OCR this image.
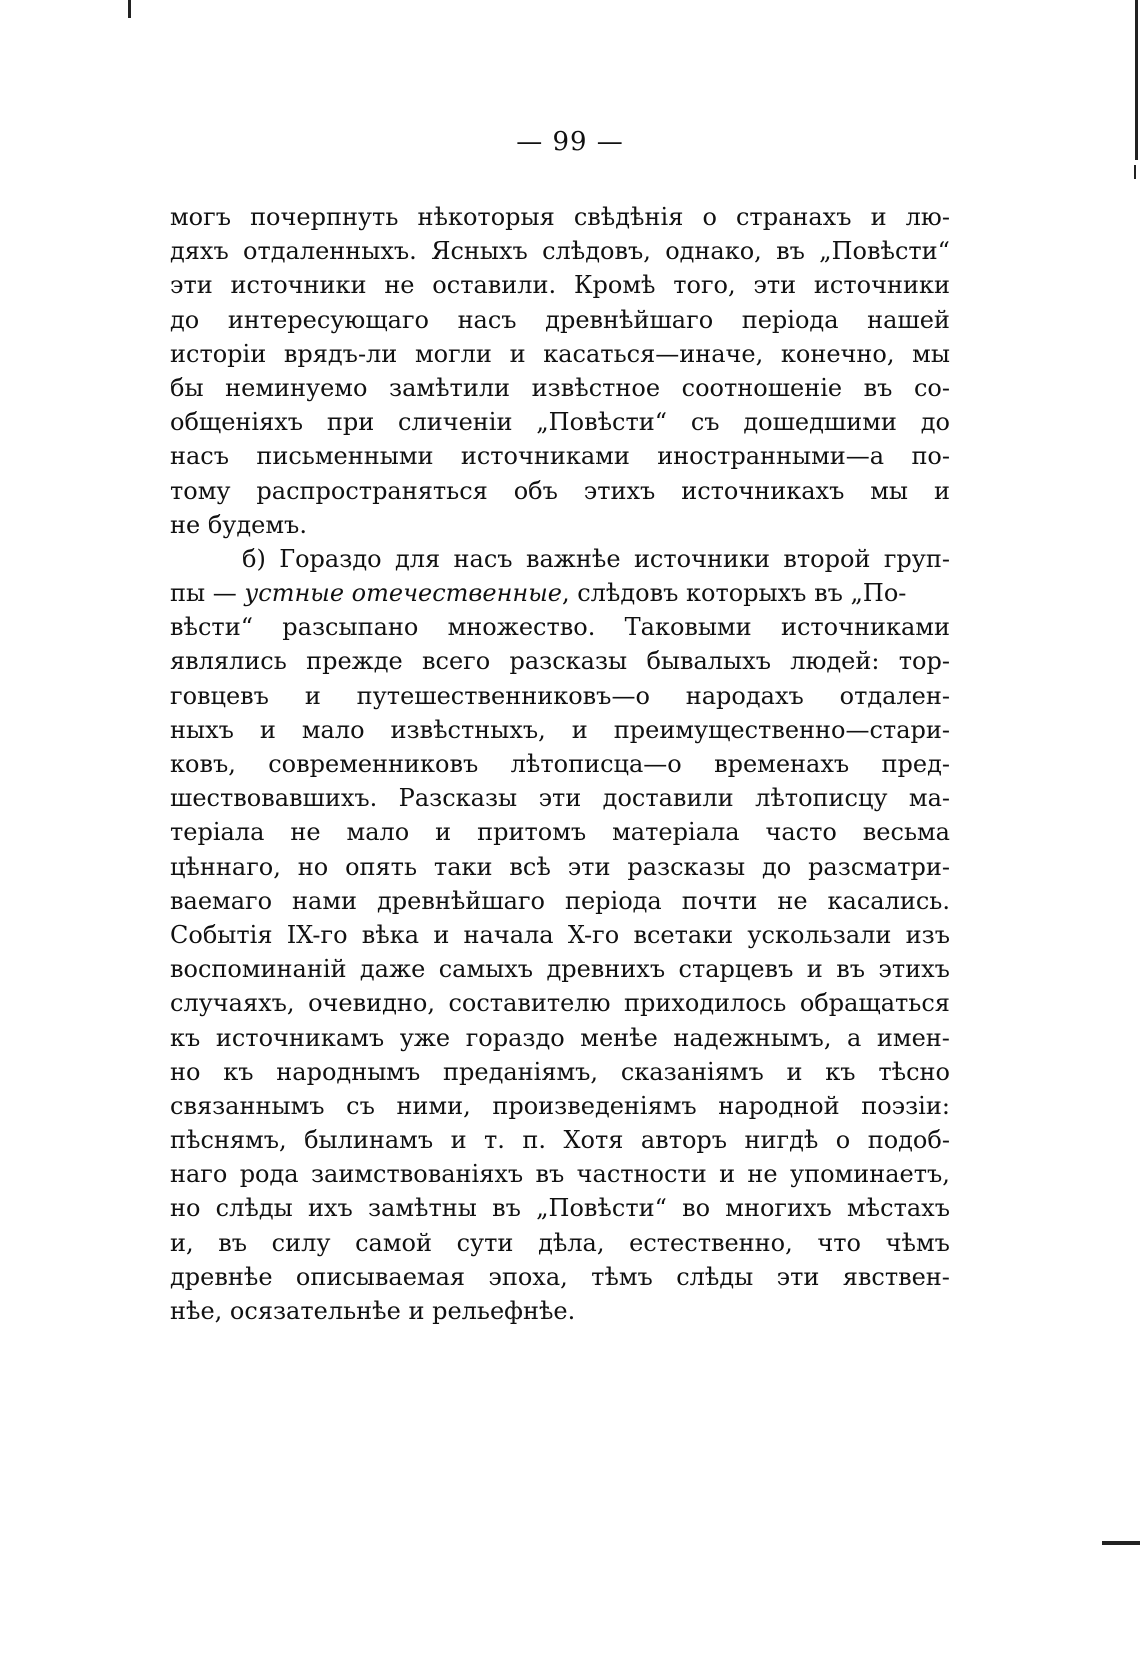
— 99 —
могъ почерпнуть нѣкоторыя свѣдѣнія о странахъ и лю-
дяхъ отдаленныхъ. Ясныхъ слѣдовъ, однако, въ „Повѣсти“
эти источники не оставили. Кромѣ того, эти источники
до интересующаго насъ древнѣйшаго періода нашей
исторіи врядъ-ли могли и касаться—иначе, конечно, мы
бы неминуемо замѣтили извѣстное соотношеніе въ со-
общеніяхъ при сличеніи „Повѣсти“ съ дошедшими до
насъ письменными источниками иностранными—а по-
тому распространяться объ этихъ источникахъ мы и
не будемъ.
б) Гораздо для насъ важнѣе источники второй груп-
пы — устные отечественные, слѣдовъ которыхъ въ „По-
вѣсти“ разсыпано множество. Таковыми источниками
являлись прежде всего разсказы бывалыхъ людей: тор-
говцевъ и путешественниковъ—о народахъ отдален-
ныхъ и мало извѣстныхъ, и преимущественно—стари-
ковъ, современниковъ лѣтописца—о временахъ пред-
шествовавшихъ. Разсказы эти доставили лѣтописцу ма-
теріала не мало и притомъ матеріала часто весьма
цѣннаго, но опять таки всѣ эти разсказы до разсматри-
ваемаго нами древнѣйшаго періода почти не касались.
Событія IX-го вѣка и начала X-го всетаки ускользали изъ
воспоминаній даже самыхъ древнихъ старцевъ и въ этихъ
случаяхъ, очевидно, составителю приходилось обращаться
къ источникамъ уже гораздо менѣе надежнымъ, а имен-
но къ народнымъ преданіямъ, сказаніямъ и къ тѣсно
связаннымъ съ ними, произведеніямъ народной поэзіи:
пѣснямъ, былинамъ и т. п. Хотя авторъ нигдѣ о подоб-
наго рода заимствованіяхъ въ частности и не упоминаетъ,
но слѣды ихъ замѣтны въ „Повѣсти“ во многихъ мѣстахъ
и, въ силу самой сути дѣла, естественно, что чѣмъ
древнѣе описываемая эпоха, тѣмъ слѣды эти явствен-
нѣе, осязательнѣе и рельефнѣе.
